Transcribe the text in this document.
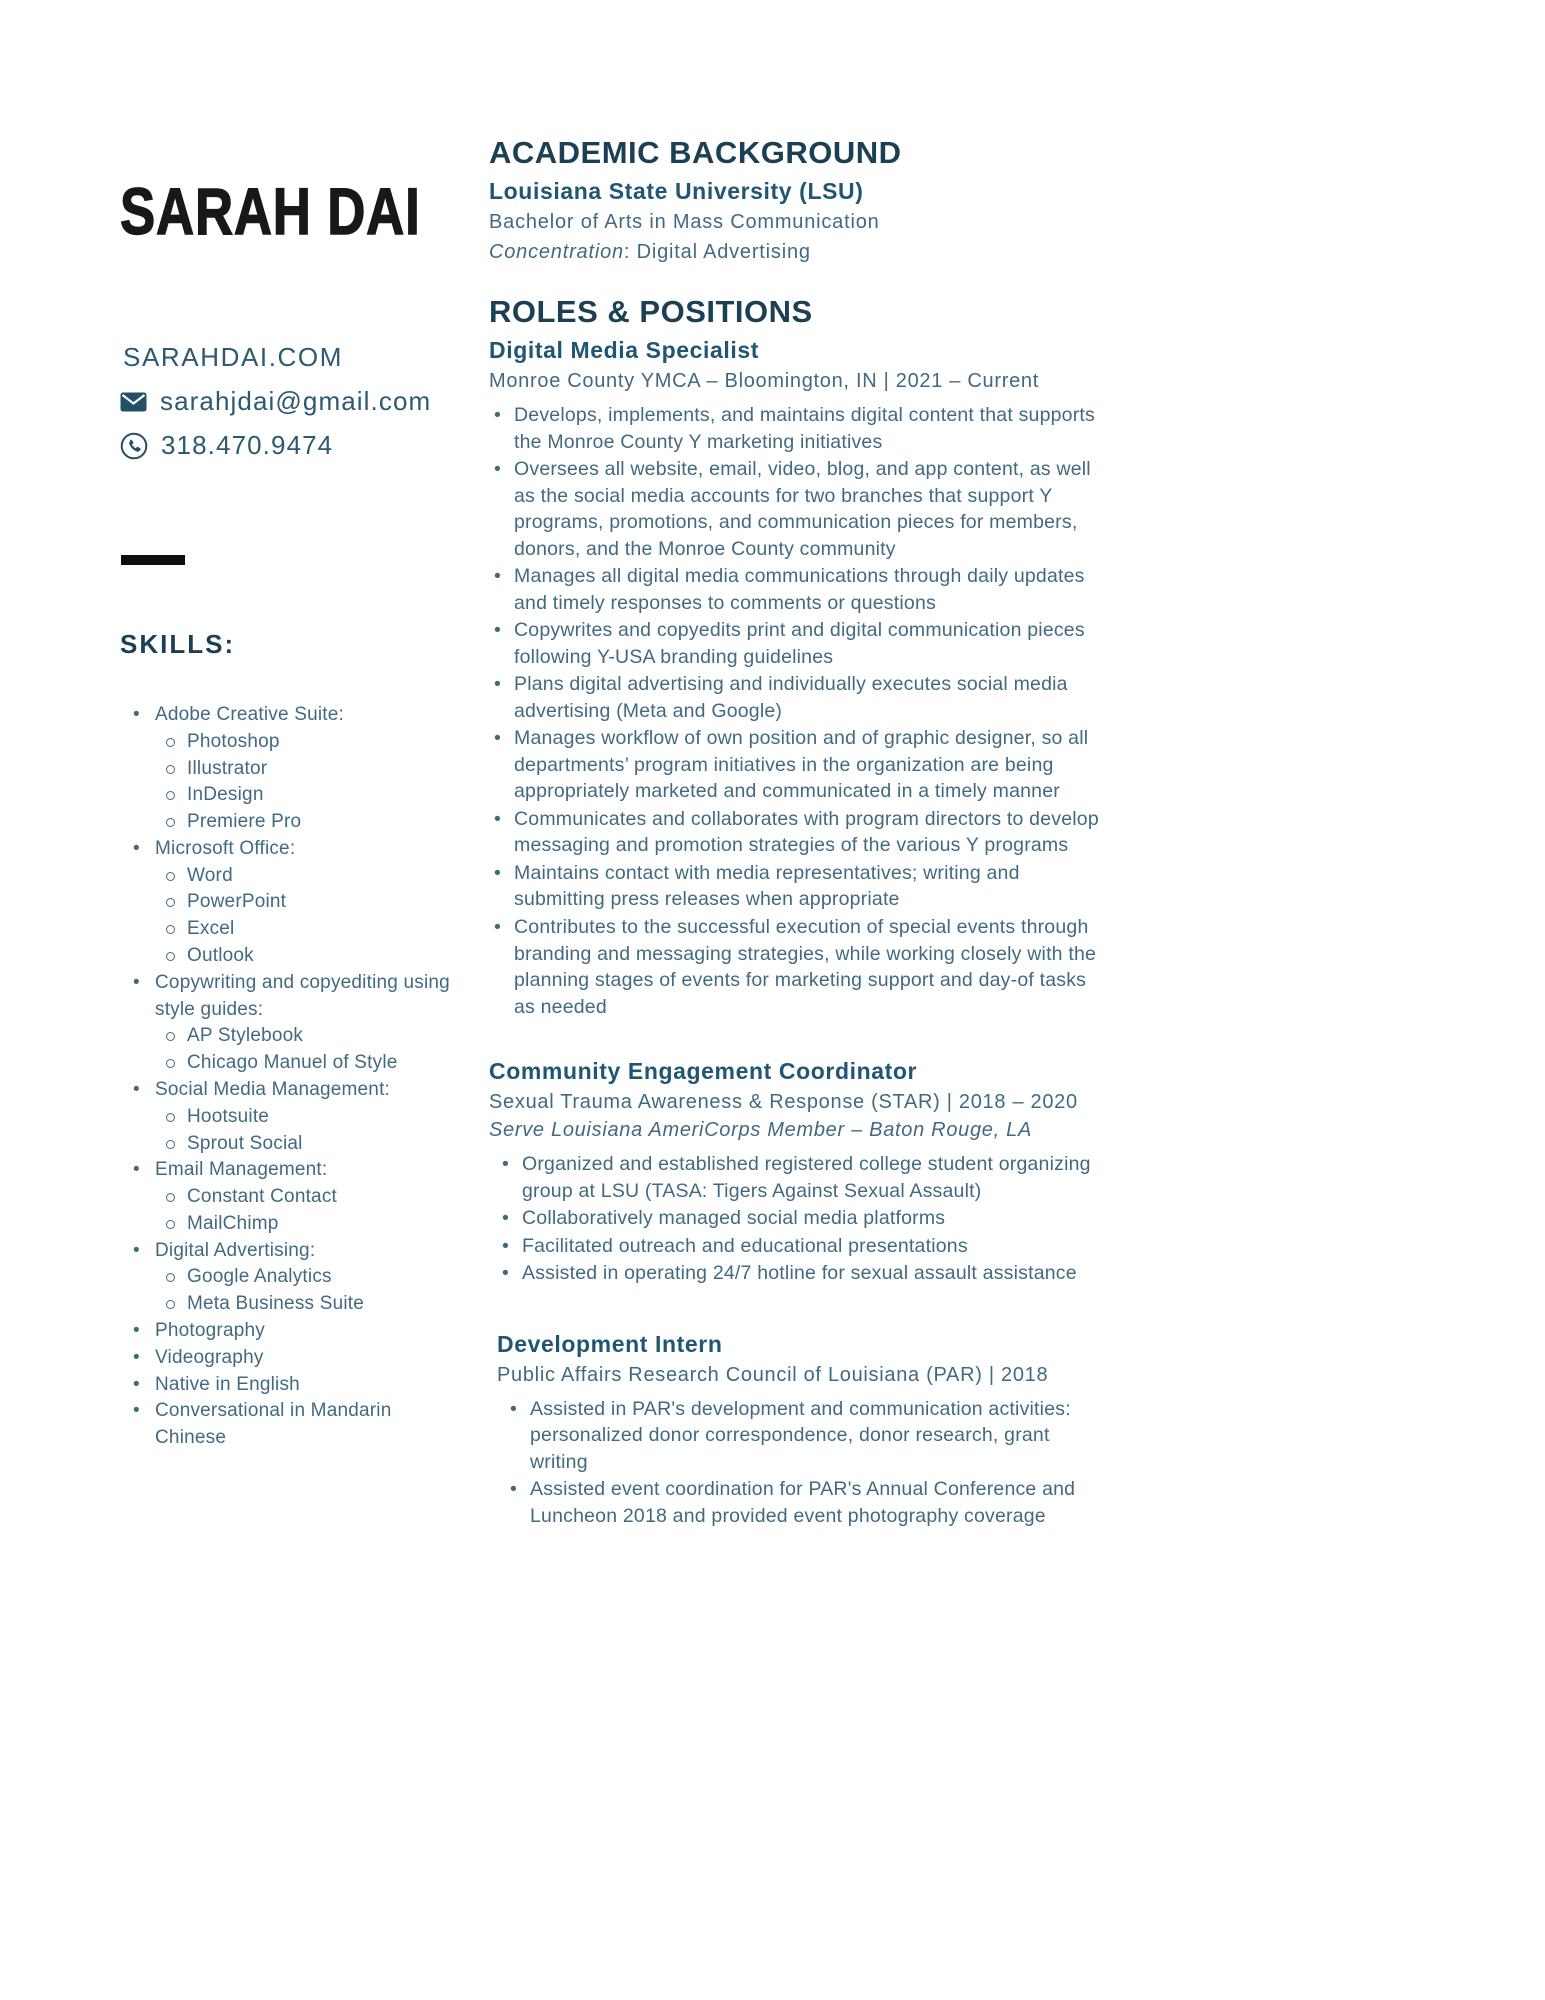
SARAH DAI
SARAHDAI.COM
sarahjdai@gmail.com
318.470.9474
SKILLS:
• Adobe Creative Suite:
Photoshop
Illustrator
InDesign
Premiere Pro
• Microsoft Office:
Word
PowerPoint
Excel
Outlook
• Copywriting and copyediting using style guides:
AP Stylebook
Chicago Manuel of Style
• Social Media Management:
Hootsuite
Sprout Social
• Email Management:
Constant Contact
MailChimp
• Digital Advertising:
Google Analytics
Meta Business Suite
• Photography
• Videography
• Native in English
• Conversational in Mandarin Chinese
ACADEMIC BACKGROUND
Louisiana State University (LSU)
Bachelor of Arts in Mass Communication
Concentration: Digital Advertising
ROLES & POSITIONS
Digital Media Specialist
Monroe County YMCA – Bloomington, IN | 2021 – Current
• Develops, implements, and maintains digital content that supports the Monroe County Y marketing initiatives
• Oversees all website, email, video, blog, and app content, as well as the social media accounts for two branches that support Y programs, promotions, and communication pieces for members, donors, and the Monroe County community
• Manages all digital media communications through daily updates and timely responses to comments or questions
• Copywrites and copyedits print and digital communication pieces following Y-USA branding guidelines
• Plans digital advertising and individually executes social media advertising (Meta and Google)
• Manages workflow of own position and of graphic designer, so all departments’ program initiatives in the organization are being appropriately marketed and communicated in a timely manner
• Communicates and collaborates with program directors to develop messaging and promotion strategies of the various Y programs
• Maintains contact with media representatives; writing and submitting press releases when appropriate
• Contributes to the successful execution of special events through branding and messaging strategies, while working closely with the planning stages of events for marketing support and day-of tasks as needed
Community Engagement Coordinator
Sexual Trauma Awareness & Response (STAR) | 2018 – 2020
Serve Louisiana AmeriCorps Member – Baton Rouge, LA
• Organized and established registered college student organizing group at LSU (TASA: Tigers Against Sexual Assault)
• Collaboratively managed social media platforms
• Facilitated outreach and educational presentations
• Assisted in operating 24/7 hotline for sexual assault assistance
Development Intern
Public Affairs Research Council of Louisiana (PAR) | 2018
• Assisted in PAR's development and communication activities: personalized donor correspondence, donor research, grant writing
• Assisted event coordination for PAR's Annual Conference and Luncheon 2018 and provided event photography coverage
